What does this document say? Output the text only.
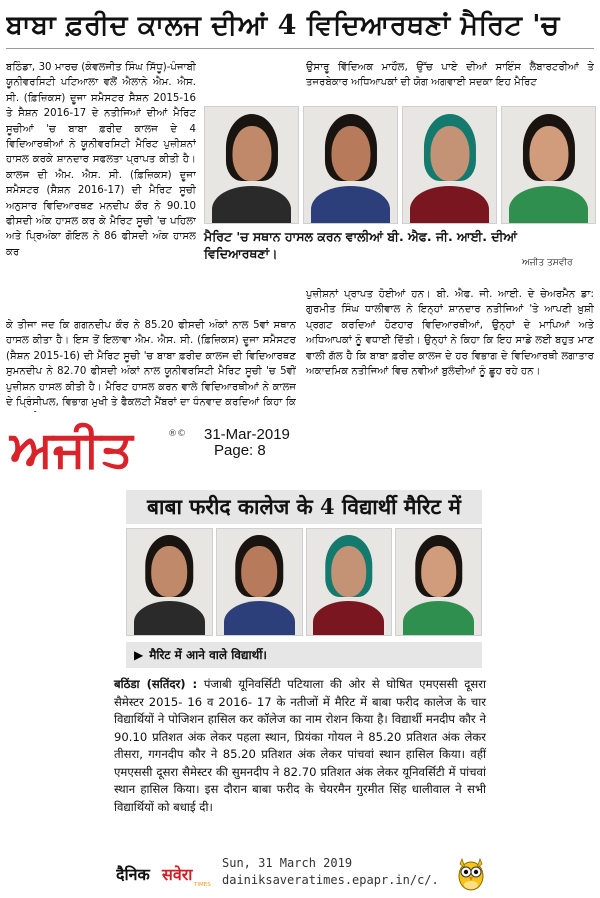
ਬਾਬਾ ਫ਼ਰੀਦ ਕਾਲਜ ਦੀਆਂ 4 ਵਿਦਿਆਰਥਣਾਂ ਮੈਰਿਟ 'ਚ

ਬਠਿੰਡਾ, 30 ਮਾਰਚ (ਕੰਵਲਜੀਤ ਸਿੰਘ ਸਿੱਧੂ)-ਪੰਜਾਬੀ ਯੂਨੀਵਰਸਿਟੀ ਪਟਿਆਲਾ ਵਲੋਂ ਐਲਾਨੇ ਐਮ. ਐਸ. ਸੀ. (ਫ਼ਿਜ਼ਿਕਸ) ਦੂਜਾ ਸਮੈਸਟਰ ਸੈਸ਼ਨ 2015-16 ਤੇ ਸੈਸ਼ਨ 2016-17 ਦੇ ਨਤੀਜਿਆਂ ਦੀਆਂ ਮੈਰਿਟ ਸੂਚੀਆਂ 'ਚ ਬਾਬਾ ਫ਼ਰੀਦ ਕਾਲਜ ਦੇ 4 ਵਿਦਿਆਰਥੀਆਂ ਨੇ ਯੂਨੀਵਰਸਿਟੀ ਮੈਰਿਟ ਪੁਜ਼ੀਸ਼ਨਾਂ ਹਾਸਲ ਕਰਕੇ ਸ਼ਾਨਦਾਰ ਸਫਲਤਾ ਪ੍ਰਾਪਤ ਕੀਤੀ ਹੈ। ਕਾਲਜ ਦੀ ਐਮ. ਐਸ. ਸੀ. (ਫ਼ਿਜ਼ਿਕਸ) ਦੂਜਾ ਸਮੈਸਟਰ (ਸੈਸ਼ਨ 2016-17) ਦੀ ਮੈਰਿਟ ਸੂਚੀ ਅਨੁਸਾਰ ਵਿਦਿਆਰਥਣ ਮਨਦੀਪ ਕੌਰ ਨੇ 90.10 ਫੀਸਦੀ ਅੰਕ ਹਾਸਲ ਕਰ ਕੇ ਮੈਰਿਟ ਸੂਚੀ 'ਚ ਪਹਿਲਾ ਅਤੇ ਪ੍ਰਿਅੰਕਾ ਗੋਇਲ ਨੇ 86 ਫੀਸਦੀ ਅੰਕ ਹਾਸਲ ਕਰ

ਉਸਾਰੂ ਵਿੱਦਿਅਕ ਮਾਹੌਲ, ਉੱਚ ਪਾਏ ਦੀਆਂ ਸਾਇੰਸ ਲੈਬਾਰਟਰੀਆਂ ਤੇ ਤਜਰਬੇਕਾਰ ਅਧਿਆਪਕਾਂ ਦੀ ਯੋਗ ਅਗਵਾਈ ਸਦਕਾ ਇਹ ਮੈਰਿਟ

ਮੈਰਿਟ 'ਚ ਸਥਾਨ ਹਾਸਲ ਕਰਨ ਵਾਲੀਆਂ ਬੀ. ਐਫ. ਜੀ. ਆਈ. ਦੀਆਂ ਵਿਦਿਆਰਥਣਾਂ।
ਅਜੀਤ ਤਸਵੀਰ

ਕੇ ਤੀਜਾ ਜਦ ਕਿ ਗਗਨਦੀਪ ਕੌਰ ਨੇ 85.20 ਫੀਸਦੀ ਅੰਕਾਂ ਨਾਲ 5ਵਾਂ ਸਥਾਨ ਹਾਸਲ ਕੀਤਾ ਹੈ। ਇਸ ਤੋਂ ਇਲਾਵਾ ਐਮ. ਐਸ. ਸੀ. (ਫ਼ਿਜ਼ਿਕਸ) ਦੂਜਾ ਸਮੈਸਟਰ (ਸੈਸ਼ਨ 2015-16) ਦੀ ਮੈਰਿਟ ਸੂਚੀ 'ਚ ਬਾਬਾ ਫ਼ਰੀਦ ਕਾਲਜ ਦੀ ਵਿਦਿਆਰਥਣ ਸੁਮਨਦੀਪ ਨੇ 82.70 ਫੀਸਦੀ ਅੰਕਾਂ ਨਾਲ ਯੂਨੀਵਰਸਿਟੀ ਮੈਰਿਟ ਸੂਚੀ 'ਚ 5ਵੀਂ ਪੁਜ਼ੀਸ਼ਨ ਹਾਸਲ ਕੀਤੀ ਹੈ। ਮੈਰਿਟ ਹਾਸਲ ਕਰਨ ਵਾਲੇ ਵਿਦਿਆਰਥੀਆਂ ਨੇ ਕਾਲਜ ਦੇ ਪ੍ਰਿੰਸੀਪਲ, ਵਿਭਾਗ ਮੁਖੀ ਤੇ ਫੈਕਲਟੀ ਮੈਂਬਰਾਂ ਦਾ ਧੰਨਵਾਦ ਕਰਦਿਆਂ ਕਿਹਾ ਕਿ

ਪੁਜ਼ੀਸ਼ਨਾਂ ਪ੍ਰਾਪਤ ਹੋਈਆਂ ਹਨ। ਬੀ. ਐਫ. ਜੀ. ਆਈ. ਦੇ ਚੇਅਰਮੈਨ ਡਾ: ਗੁਰਮੀਤ ਸਿੰਘ ਧਾਲੀਵਾਲ ਨੇ ਇਨ੍ਹਾਂ ਸ਼ਾਨਦਾਰ ਨਤੀਜਿਆਂ 'ਤੇ ਆਪਣੀ ਖ਼ੁਸ਼ੀ ਪ੍ਰਗਟ ਕਰਦਿਆਂ ਹੋਣਹਾਰ ਵਿਦਿਆਰਥੀਆਂ, ਉਨ੍ਹਾਂ ਦੇ ਮਾਪਿਆਂ ਅਤੇ ਅਧਿਆਪਕਾਂ ਨੂੰ ਵਧਾਈ ਦਿੱਤੀ। ਉਨ੍ਹਾਂ ਨੇ ਕਿਹਾ ਕਿ ਇਹ ਸਾਡੇ ਲਈ ਬਹੁਤ ਮਾਣ ਵਾਲੀ ਗੱਲ ਹੈ ਕਿ ਬਾਬਾ ਫ਼ਰੀਦ ਕਾਲਜ ਦੇ ਹਰ ਵਿਭਾਗ ਦੇ ਵਿਦਿਆਰਥੀ ਲਗਾਤਾਰ ਅਕਾਦਮਿਕ ਨਤੀਜਿਆਂ ਵਿਚ ਨਵੀਆਂ ਬੁਲੰਦੀਆਂ ਨੂੰ ਛੂਹ ਰਹੇ ਹਨ।

ਅਜੀਤ	®© 31-Mar-2019
Page: 8
बाबा फरीद कालेज के 4 विद्यार्थी मैरिट में
▶ मैरिट में आने वाले विद्यार्थी।
बठिंडा (सतिंदर) : पंजाबी यूनिवर्सिटी पटियाला की ओर से घोषित एमएससी दूसरा सैमेस्टर 2015- 16 व 2016- 17 के नतीजों में मैरिट में बाबा फरीद कालेज के चार विद्यार्थियों ने पोजिशन हासिल कर कॉलेज का नाम रोशन किया है। विद्यार्थी मनदीप कौर ने 90.10 प्रतिशत अंक लेकर पहला स्थान, प्रियंका गोयल ने 85.20 प्रतिशत अंक लेकर तीसरा, गगनदीप कौर ने 85.20 प्रतिशत अंक लेकर पांचवां स्थान हासिल किया। वहीं एमएससी दूसरा सैमेस्टर की सुमनदीप ने 82.70 प्रतिशत अंक लेकर यूनिवर्सिटी में पांचवां स्थान हासिल किया। इस दौरान बाबा फरीद के चेयरमैन गुरमीत सिंह धालीवाल ने सभी विद्यार्थियों को बधाई दी।
दैनिक सवेरा
TIMES
Sun, 31 March 2019
dainiksaveratimes.epapr.in/c/.
